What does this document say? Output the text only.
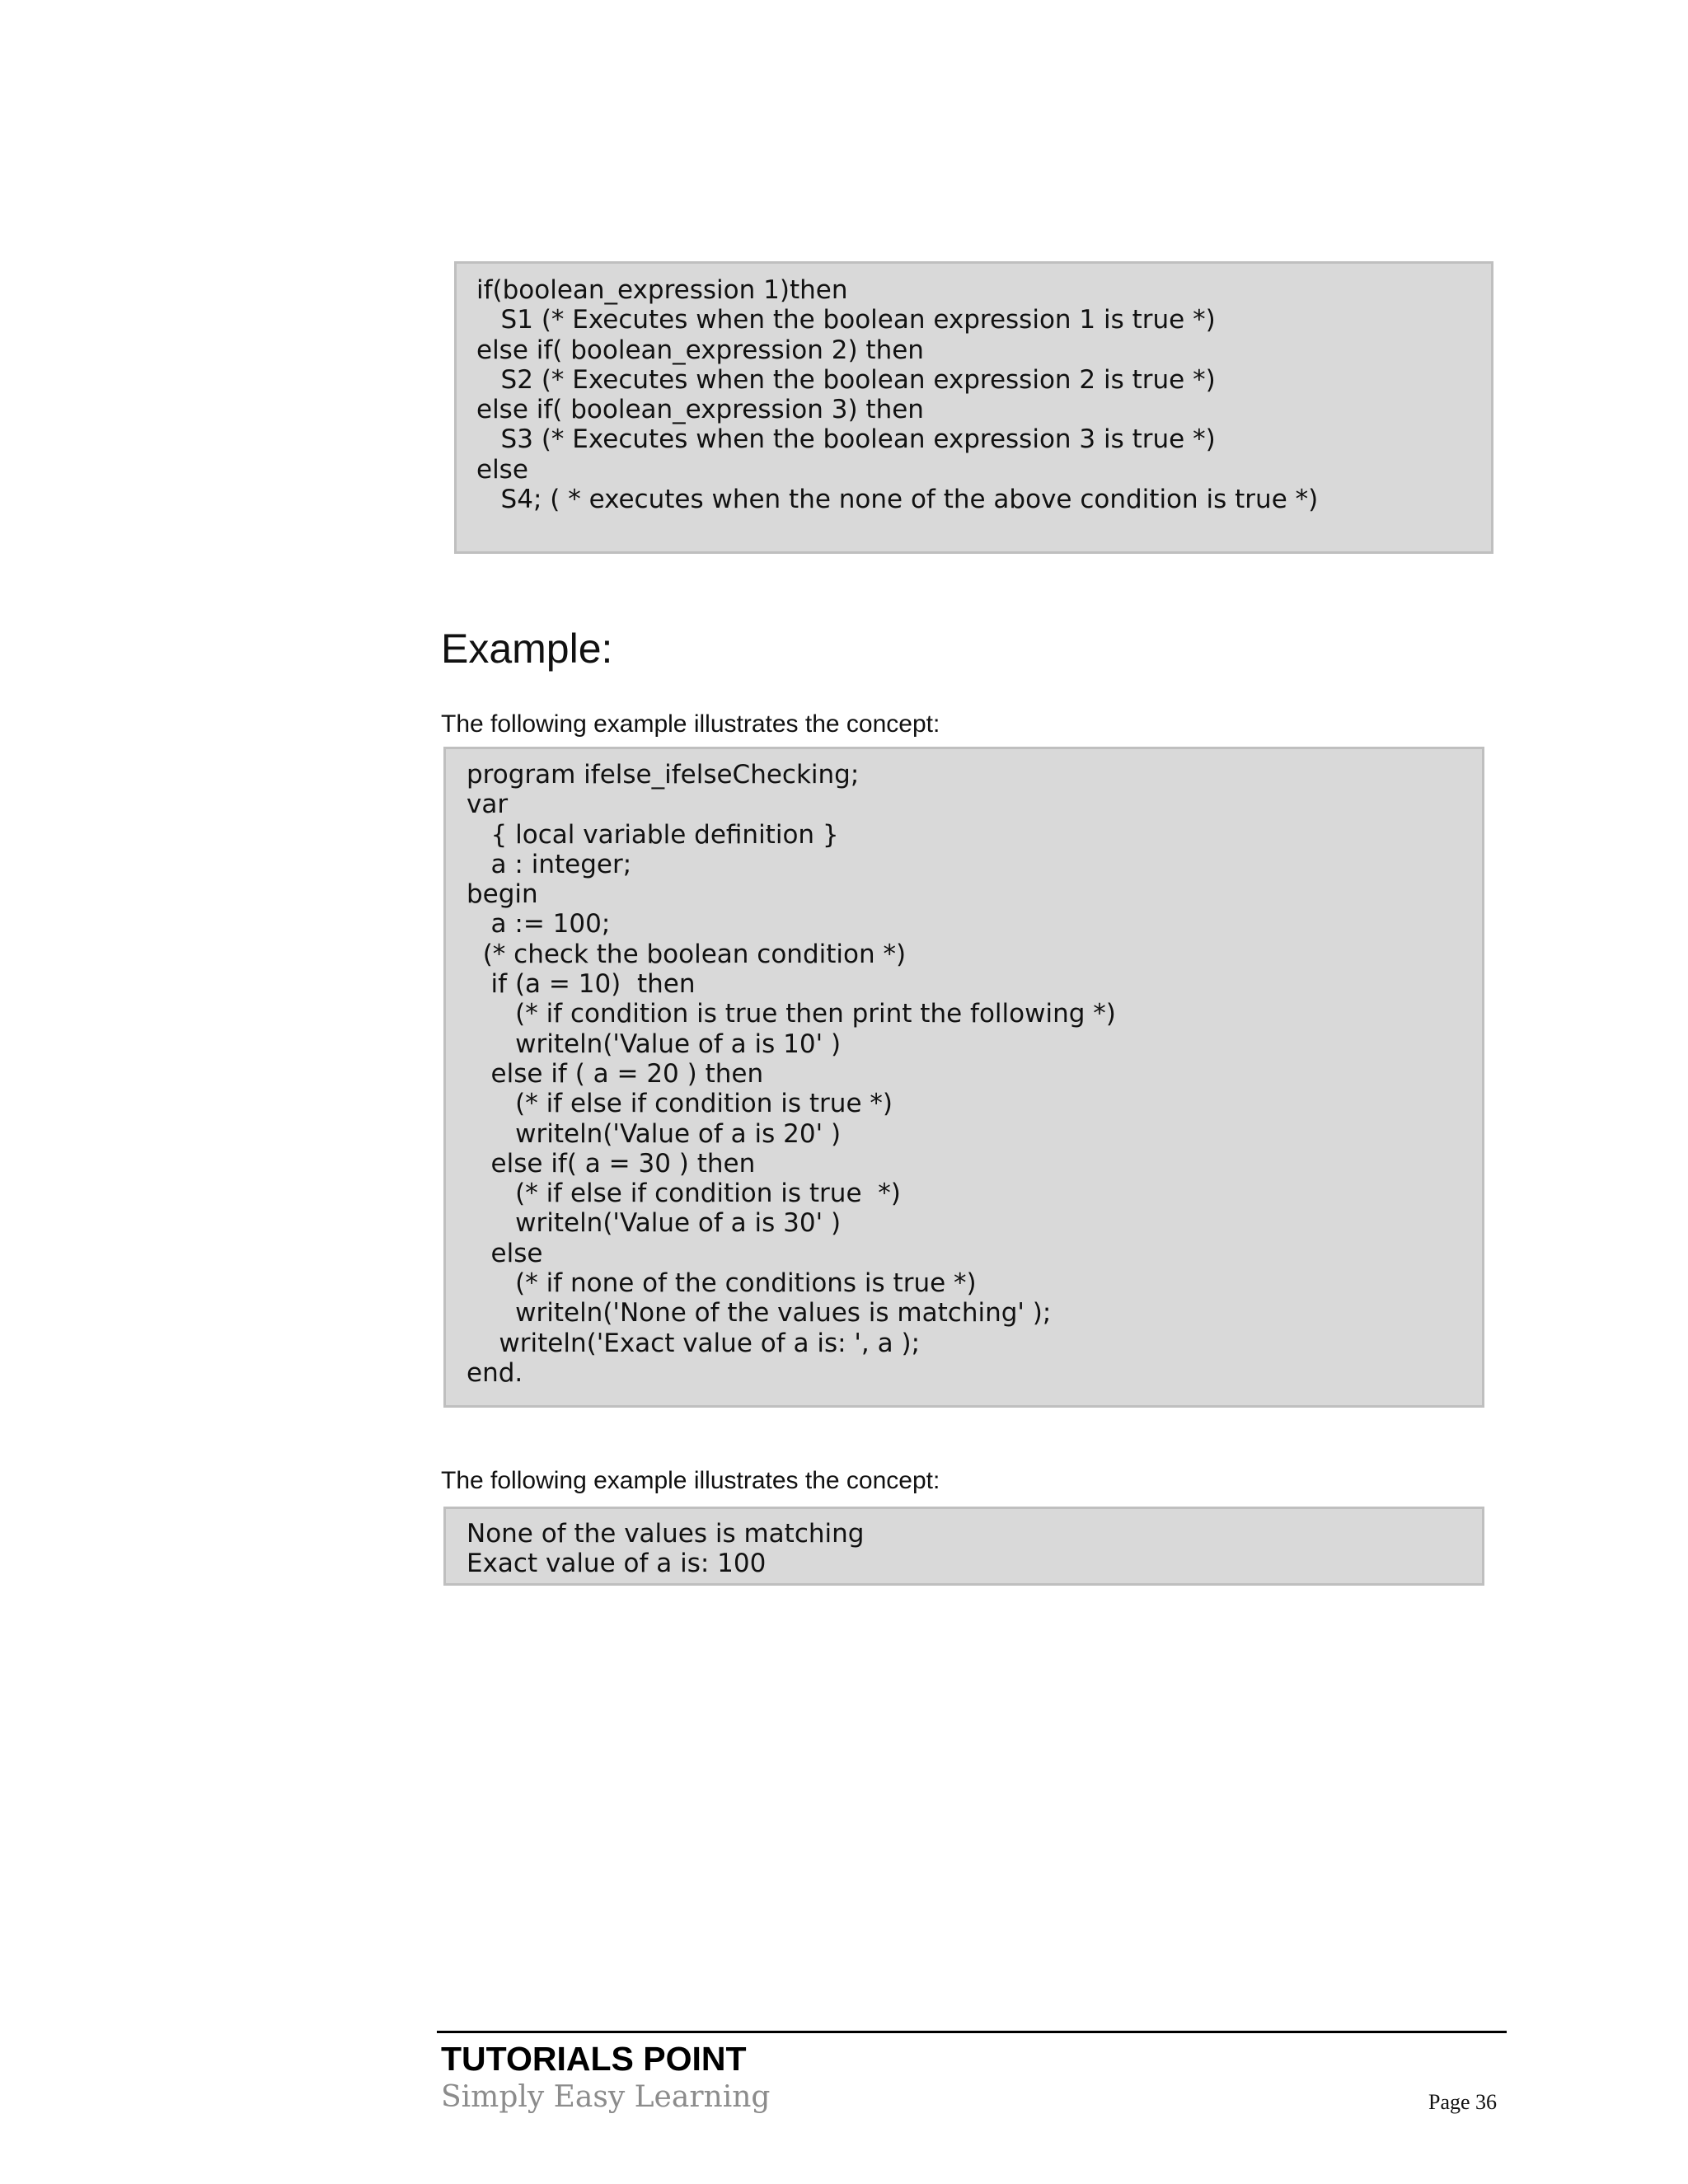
if(boolean_expression 1)then
S1 (* Executes when the boolean expression 1 is true *)
else if( boolean_expression 2) then
S2 (* Executes when the boolean expression 2 is true *)
else if( boolean_expression 3) then
S3 (* Executes when the boolean expression 3 is true *)
else
S4; ( * executes when the none of the above condition is true *)
Example:

The following example illustrates the concept:

program ifelse_ifelseChecking;
var
{ local variable definition }
a : integer;
begin
a := 100;
(* check the boolean condition *)
if (a = 10)  then
(* if condition is true then print the following *)
writeln('Value of a is 10' )
else if ( a = 20 ) then
(* if else if condition is true *)
writeln('Value of a is 20' )
else if( a = 30 ) then
(* if else if condition is true  *)
writeln('Value of a is 30' )
else
(* if none of the conditions is true *)
writeln('None of the values is matching' );
writeln('Exact value of a is: ', a );
end.

The following example illustrates the concept:

None of the values is matching
Exact value of a is: 100
TUTORIALS POINT
Simply Easy Learning	Page 36
